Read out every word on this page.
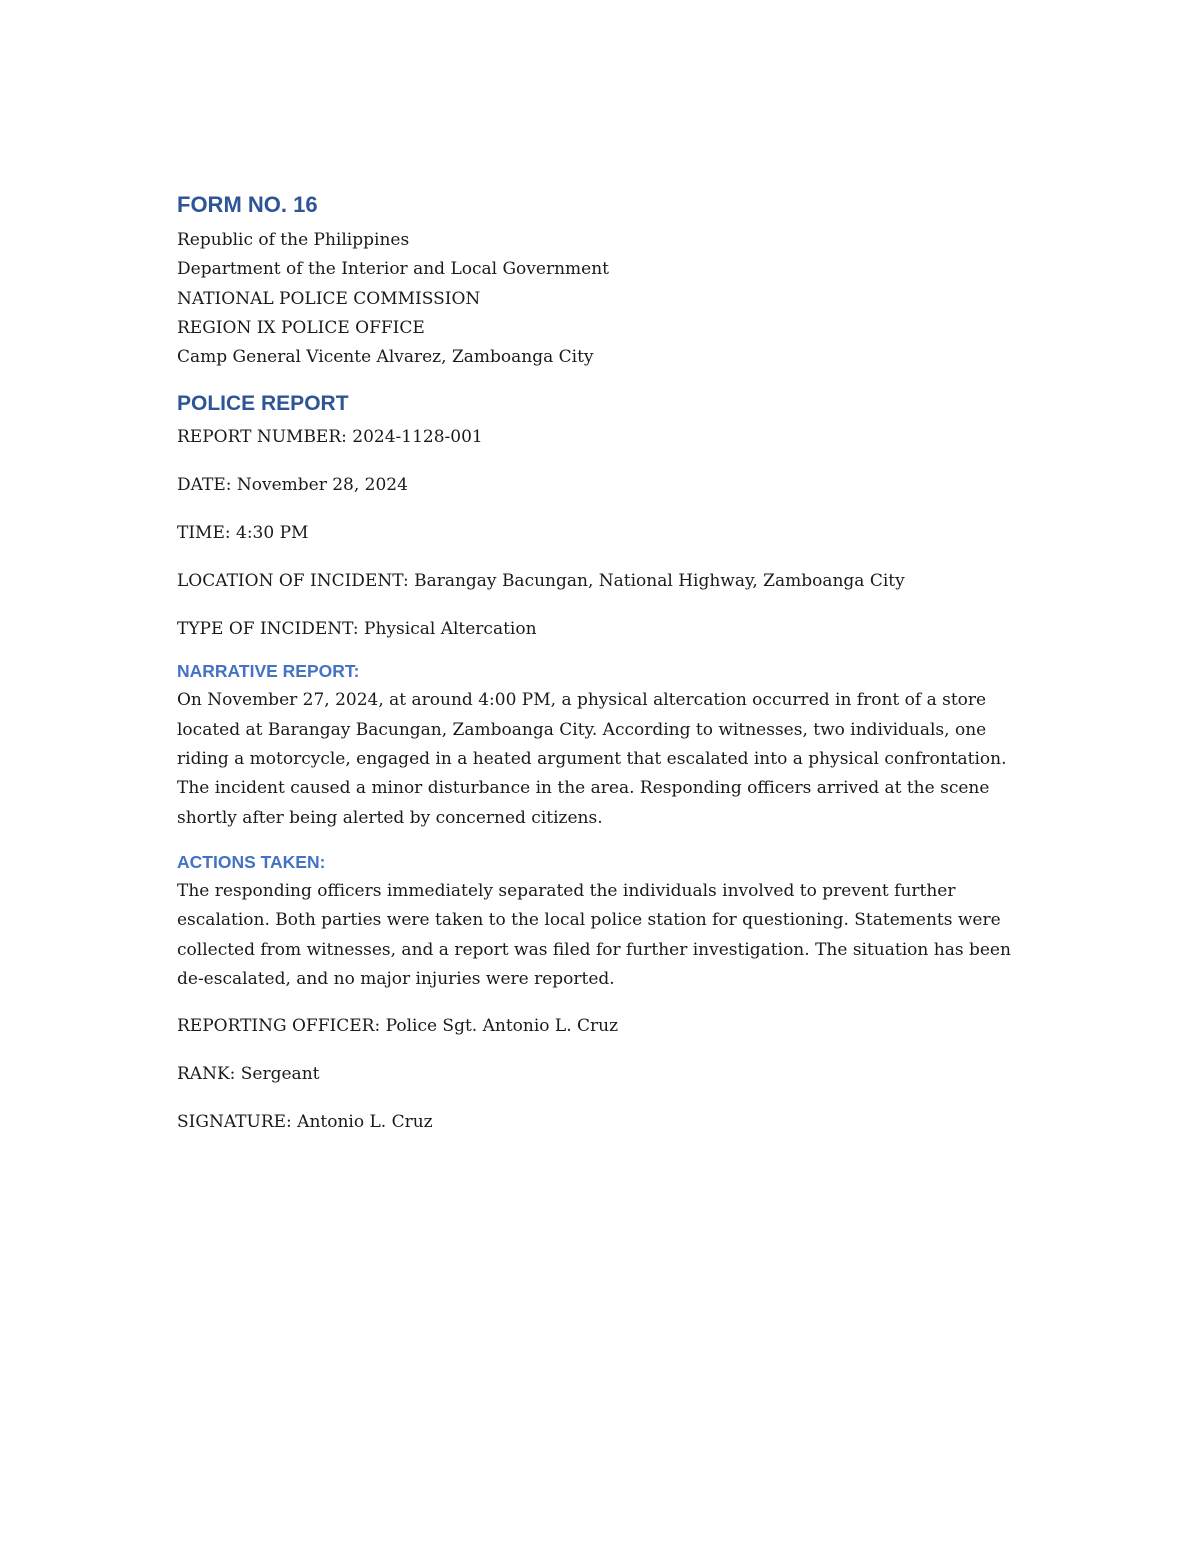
FORM NO. 16

Republic of the Philippines

Department of the Interior and Local Government

NATIONAL POLICE COMMISSION

REGION IX POLICE OFFICE

Camp General Vicente Alvarez, Zamboanga City

POLICE REPORT

REPORT NUMBER: 2024-1128-001

DATE: November 28, 2024

TIME: 4:30 PM

LOCATION OF INCIDENT: Barangay Bacungan, National Highway, Zamboanga City

TYPE OF INCIDENT: Physical Altercation

NARRATIVE REPORT:

On November 27, 2024, at around 4:00 PM, a physical altercation occurred in front of a store located at Barangay Bacungan, Zamboanga City. According to witnesses, two individuals, one riding a motorcycle, engaged in a heated argument that escalated into a physical confrontation. The incident caused a minor disturbance in the area. Responding officers arrived at the scene shortly after being alerted by concerned citizens.

ACTIONS TAKEN:

The responding officers immediately separated the individuals involved to prevent further escalation. Both parties were taken to the local police station for questioning. Statements were collected from witnesses, and a report was filed for further investigation. The situation has been de-escalated, and no major injuries were reported.

REPORTING OFFICER: Police Sgt. Antonio L. Cruz

RANK: Sergeant

SIGNATURE: Antonio L. Cruz
